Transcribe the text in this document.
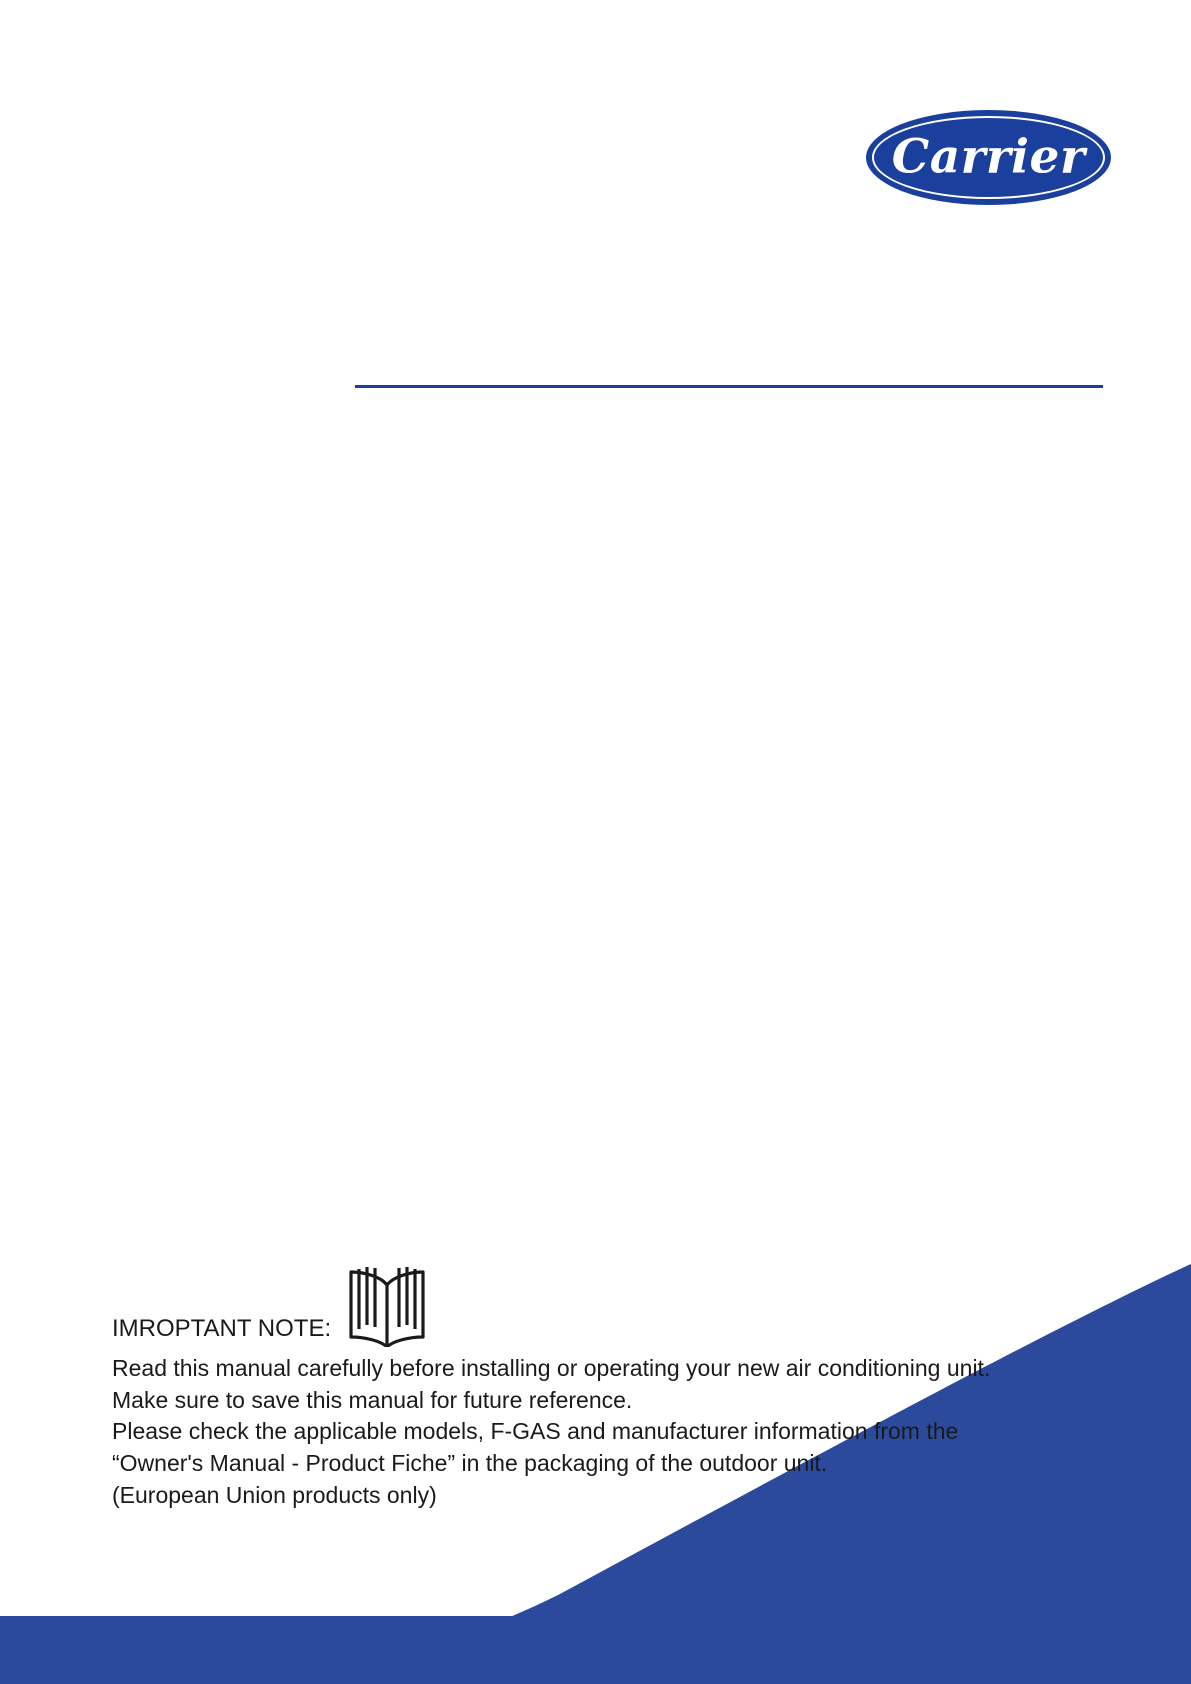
Carrier
IMROPTANT NOTE:
Read this manual carefully before installing or operating your new air conditioning unit.
Make sure to save this manual for future reference.
Please check the applicable models, F-GAS and manufacturer information from the
“Owner's Manual - Product Fiche” in the packaging of the outdoor unit.
(European Union products only)
